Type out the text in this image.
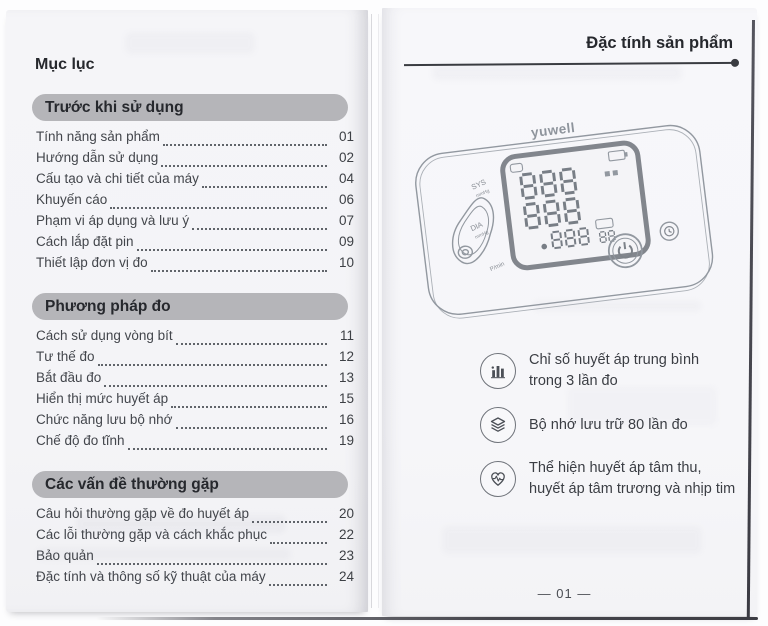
Mục lục
Trước khi sử dụng
Tính năng sản phẩm	01
Hướng dẫn sử dụng	02
Cấu tạo và chi tiết của máy	04
Khuyến cáo	06
Phạm vi áp dụng và lưu ý	07
Cách lắp đặt pin	09
Thiết lập đơn vị đo	10
Phương pháp đo
Cách sử dụng vòng bít	11
Tư thế đo	12
Bắt đầu đo	13
Hiển thị mức huyết áp	15
Chức năng lưu bộ nhớ	16
Chế độ đo tĩnh	19
Các vấn đề thường gặp
Câu hỏi thường gặp về đo huyết áp	20
Các lỗi thường gặp và cách khắc phục	22
Bảo quản	23
Đặc tính và thông số kỹ thuật của máy	24
Đặc tính sản phẩm
yuwell
SYS
mmHg
DIA
mmHg
P/min
Chỉ số huyết áp trung bình
trong 3 lần đo
Bộ nhớ lưu trữ 80 lần đo
Thể hiện huyết áp tâm thu,
huyết áp tâm trương và nhịp tim
— 01 —
